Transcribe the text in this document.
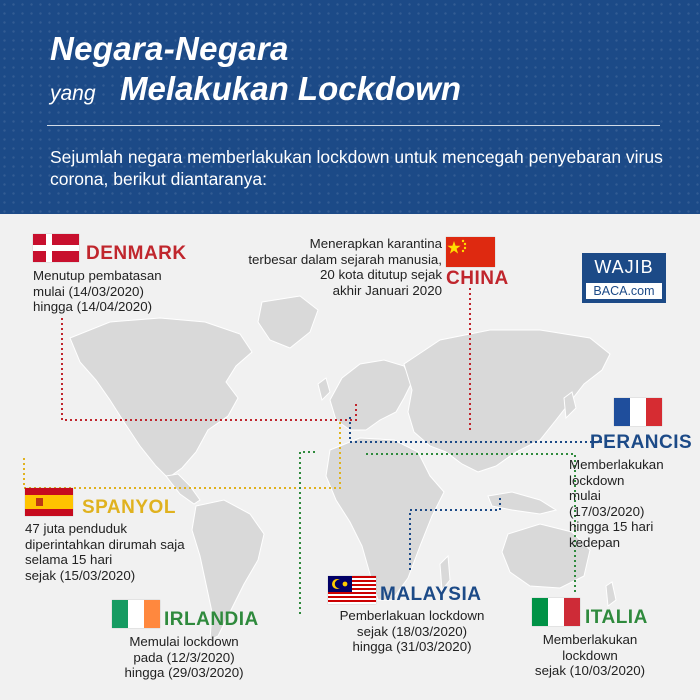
Negara-Negara
yang Melakukan Lockdown
Sejumlah negara memberlakukan lockdown untuk mencegah penyebaran virus corona, berikut diantaranya:
WAJIB
BACA.com
DENMARK
Menutup pembatasan
mulai (14/03/2020)
hingga (14/04/2020)
Menerapkan karantina
terbesar dalam sejarah manusia,
20 kota ditutup sejak
akhir Januari 2020
CHINA
PERANCIS
Memberlakukan
lockdown
mulai
(17/03/2020)
hingga 15 hari
kedepan
SPANYOL
47 juta penduduk
diperintahkan dirumah saja
selama 15 hari
sejak (15/03/2020)
MALAYSIA
Pemberlakuan lockdown
sejak (18/03/2020)
hingga (31/03/2020)
IRLANDIA
Memulai lockdown
pada (12/3/2020)
hingga (29/03/2020)
ITALIA
Memberlakukan
lockdown
sejak (10/03/2020)
